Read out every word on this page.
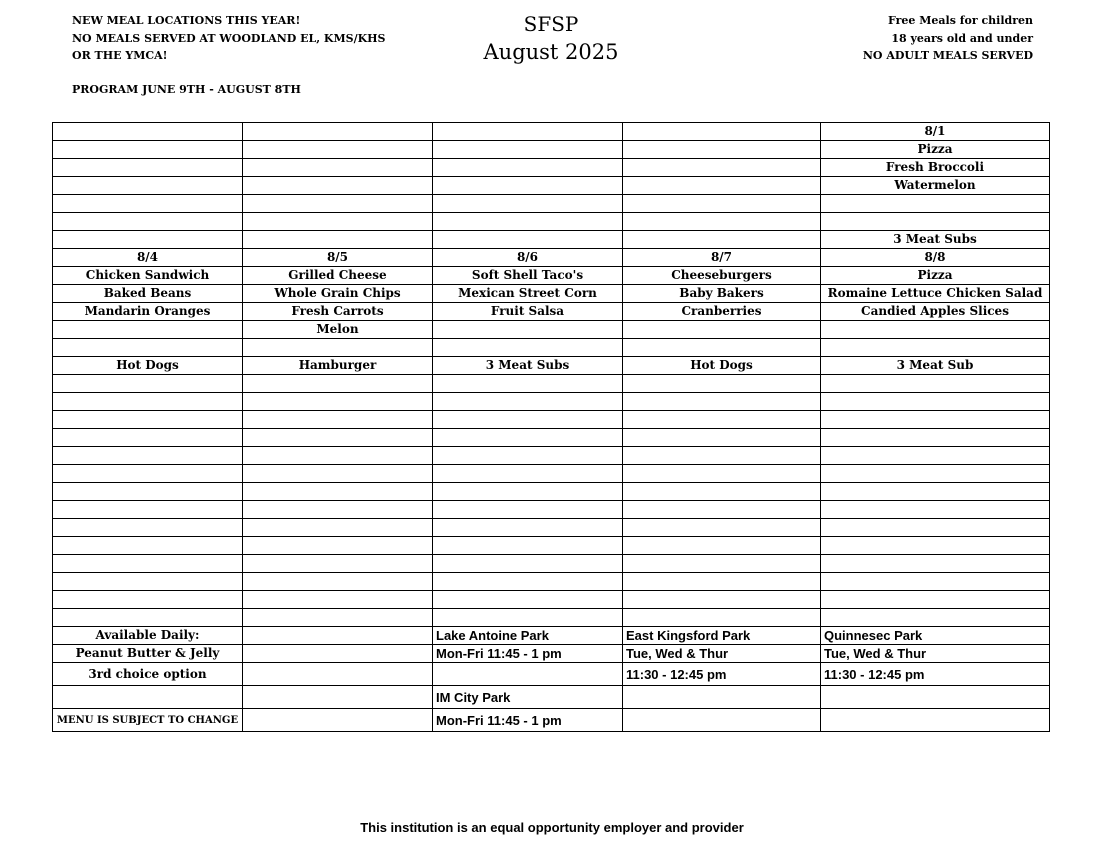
NEW MEAL LOCATIONS THIS YEAR!
NO MEALS SERVED AT WOODLAND EL, KMS/KHS
OR THE YMCA!
PROGRAM JUNE 9TH - AUGUST 8TH
SFSP
August 2025
Free Meals for children
18 years old and under
NO ADULT MEALS SERVED
				8/1
				Pizza
				Fresh Broccoli
				Watermelon

				3 Meat Subs
8/4	8/5	8/6	8/7	8/8
Chicken Sandwich	Grilled Cheese	Soft Shell Taco's	Cheeseburgers	Pizza
Baked Beans	Whole Grain Chips	Mexican Street Corn	Baby Bakers	Romaine Lettuce Chicken Salad
Mandarin Oranges	Fresh Carrots	Fruit Salsa	Cranberries	Candied Apples Slices
	Melon			

Hot Dogs	Hamburger	3 Meat Subs	Hot Dogs	3 Meat Sub

Available Daily:		Lake Antoine Park	East Kingsford Park	Quinnesec Park
Peanut Butter & Jelly		Mon-Fri 11:45 - 1 pm	Tue, Wed & Thur	Tue, Wed & Thur
3rd choice option			11:30 - 12:45 pm	11:30 - 12:45 pm
		IM City Park		
MENU IS SUBJECT TO CHANGE		Mon-Fri 11:45 - 1 pm		
This institution is an equal opportunity employer and provider
